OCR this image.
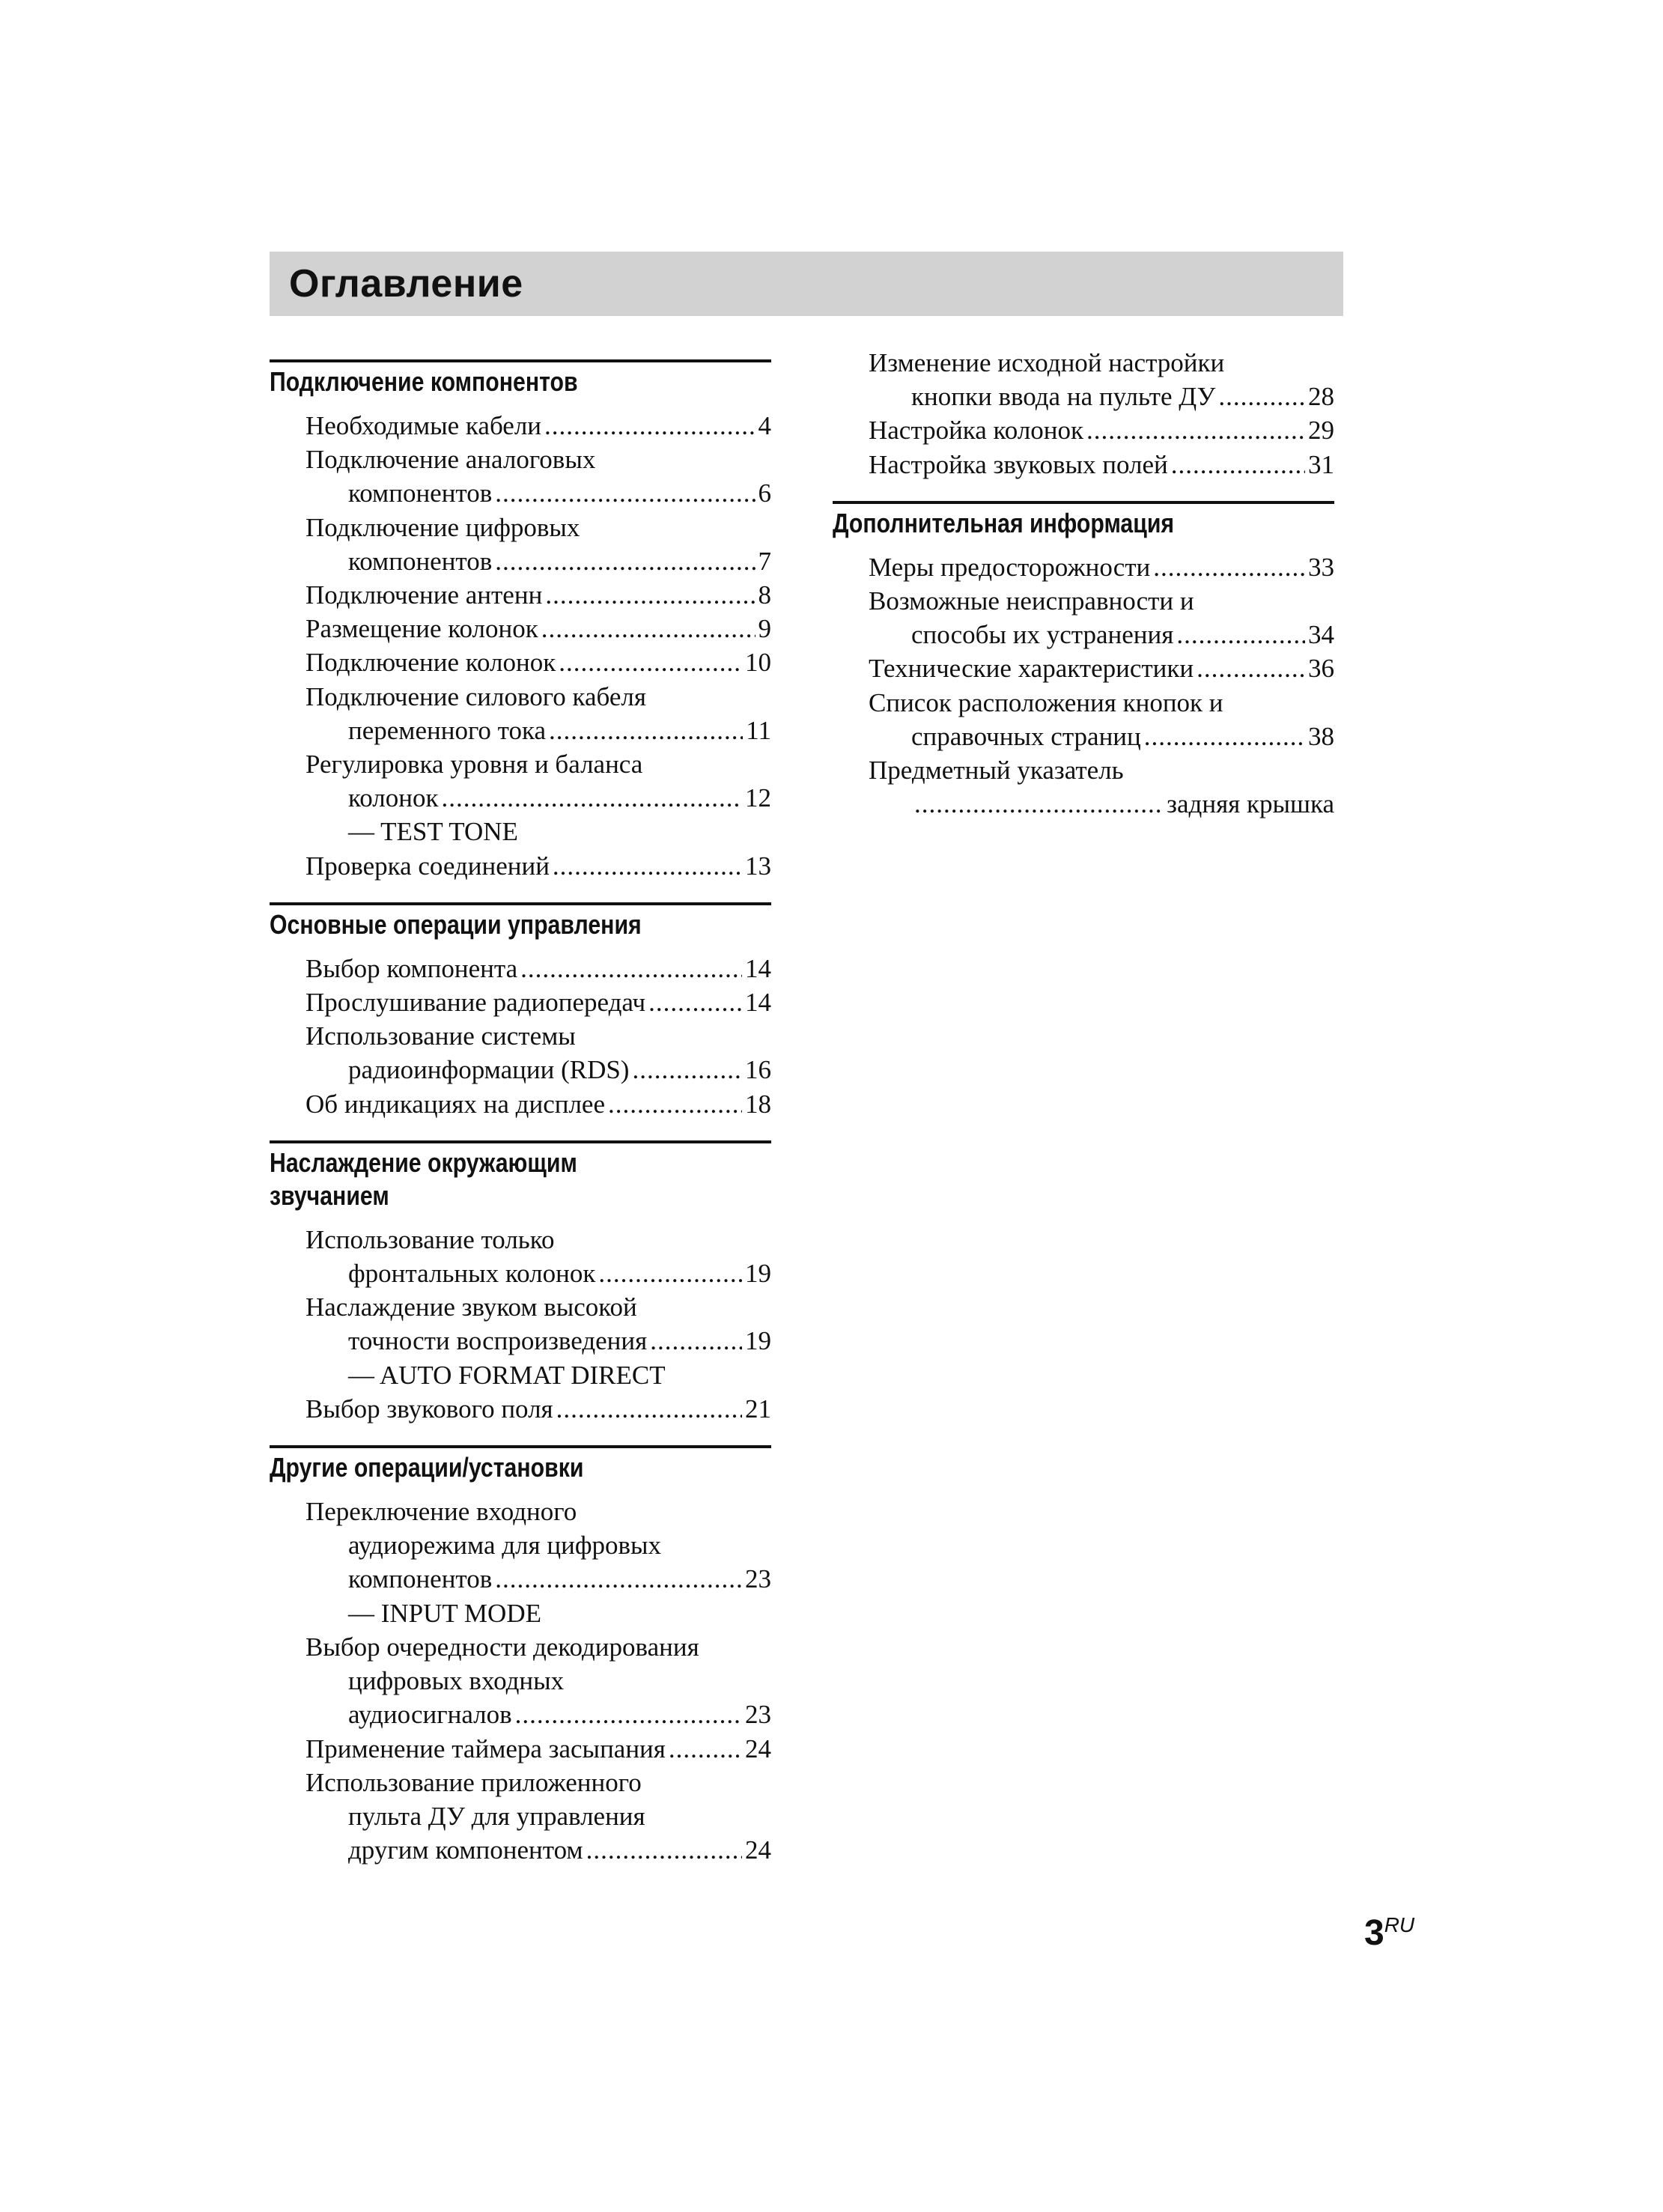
Оглавление
Подключение компонентов
Необходимые кабели .....	4
Подключение аналоговых
компонентов .....	6
Подключение цифровых
компонентов .....	7
Подключение антенн .....	8
Размещение колонок .....	9
Подключение колонок .....	10
Подключение силового кабеля
переменного тока .....	11
Регулировка уровня и баланса
колонок .....	12
— TEST TONE
Проверка соединений .....	13
Основные операции управления
Выбор компонента .....	14
Прослушивание радиопередач .....	14
Использование системы
радиоинформации (RDS) .....	16
Об индикациях на дисплее .....	18
Наслаждение окружающим
звучанием
Использование только
фронтальных колонок .....	19
Наслаждение звуком высокой
точности воспроизведения .....	19
— AUTO FORMAT DIRECT
Выбор звукового поля .....	21
Другие операции/установки
Переключение входного
аудиорежима для цифровых
компонентов .....	23
— INPUT MODE
Выбор очередности декодирования
цифровых входных
аудиосигналов .....	23
Применение таймера засыпания .....	24
Использование приложенного
пульта ДУ для управления
другим компонентом .....	24
Изменение исходной настройки
кнопки ввода на пульте ДУ .....	28
Настройка колонок .....	29
Настройка звуковых полей .....	31
Дополнительная информация
Меры предосторожности .....	33
Возможные неисправности и
способы их устранения .....	34
Технические характеристики .....	36
Список расположения кнопок и
справочных страниц .....	38
Предметный указатель
.....
задняя крышка
$3^{RU}$
